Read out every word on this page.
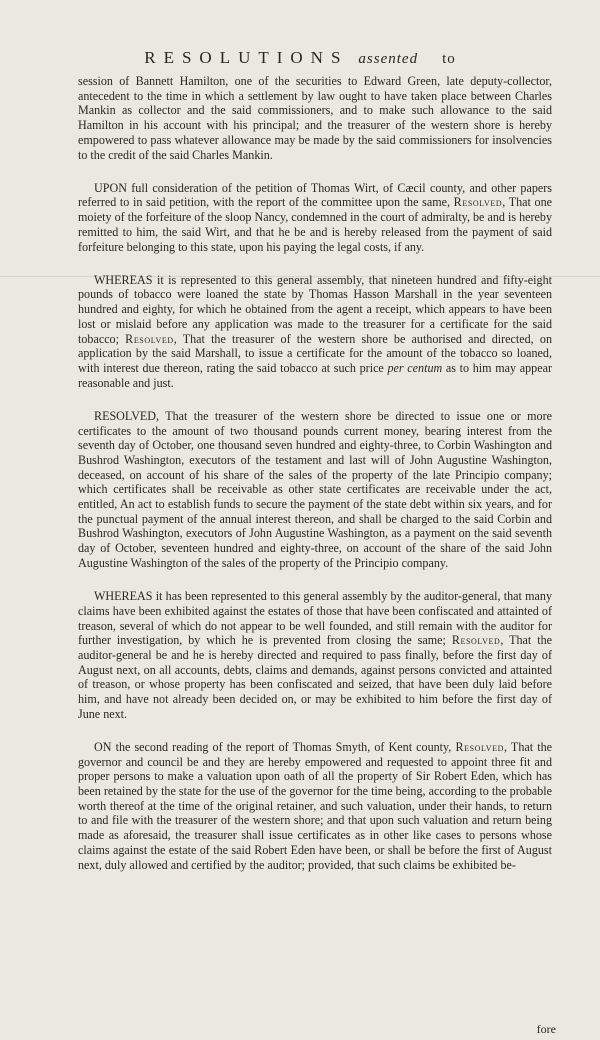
RESOLUTIONS assented to

session of Bannett Hamilton, one of the securities to Edward Green, late deputy-collector, antecedent to the time in which a settlement by law ought to have taken place between Charles Mankin as collector and the said commissioners, and to make such allowance to the said Hamilton in his account with his principal; and the treasurer of the western shore is hereby empowered to pass whatever allowance may be made by the said commissioners for insolvencies to the credit of the said Charles Mankin.

UPON full consideration of the petition of Thomas Wirt, of Cæcil county, and other papers referred to in said petition, with the report of the committee upon the same, Resolved, That one moiety of the forfeiture of the sloop Nancy, condemned in the court of admiralty, be and is hereby remitted to him, the said Wirt, and that he be and is hereby released from the payment of said forfeiture belonging to this state, upon his paying the legal costs, if any.

WHEREAS it is represented to this general assembly, that nineteen hundred and fifty-eight pounds of tobacco were loaned the state by Thomas Hasson Marshall in the year seventeen hundred and eighty, for which he obtained from the agent a receipt, which appears to have been lost or mislaid before any application was made to the treasurer for a certificate for the said tobacco; Resolved, That the treasurer of the western shore be authorised and directed, on application by the said Marshall, to issue a certificate for the amount of the tobacco so loaned, with interest due thereon, rating the said tobacco at such price per centum as to him may appear reasonable and just.

RESOLVED, That the treasurer of the western shore be directed to issue one or more certificates to the amount of two thousand pounds current money, bearing interest from the seventh day of October, one thousand seven hundred and eighty-three, to Corbin Washington and Bushrod Washington, executors of the testament and last will of John Augustine Washington, deceased, on account of his share of the sales of the property of the late Principio company; which certificates shall be receivable as other state certificates are receivable under the act, entitled, An act to establish funds to secure the payment of the state debt within six years, and for the punctual payment of the annual interest thereon, and shall be charged to the said Corbin and Bushrod Washington, executors of John Augustine Washington, as a payment on the said seventh day of October, seventeen hundred and eighty-three, on account of the share of the said John Augustine Washington of the sales of the property of the Principio company.

WHEREAS it has been represented to this general assembly by the auditor-general, that many claims have been exhibited against the estates of those that have been confiscated and attainted of treason, several of which do not appear to be well founded, and still remain with the auditor for further investigation, by which he is prevented from closing the same; Resolved, That the auditor-general be and he is hereby directed and required to pass finally, before the first day of August next, on all accounts, debts, claims and demands, against persons convicted and attainted of treason, or whose property has been confiscated and seized, that have been duly laid before him, and have not already been decided on, or may be exhibited to him before the first day of June next.

ON the second reading of the report of Thomas Smyth, of Kent county, Resolved, That the governor and council be and they are hereby empowered and requested to appoint three fit and proper persons to make a valuation upon oath of all the property of Sir Robert Eden, which has been retained by the state for the use of the governor for the time being, according to the probable worth thereof at the time of the original retainer, and such valuation, under their hands, to return to and file with the treasurer of the western shore; and that upon such valuation and return being made as aforesaid, the treasurer shall issue certificates as in other like cases to persons whose claims against the estate of the said Robert Eden have been, or shall be before the first of August next, duly allowed and certified by the auditor; provided, that such claims be exhibited be-

fore
